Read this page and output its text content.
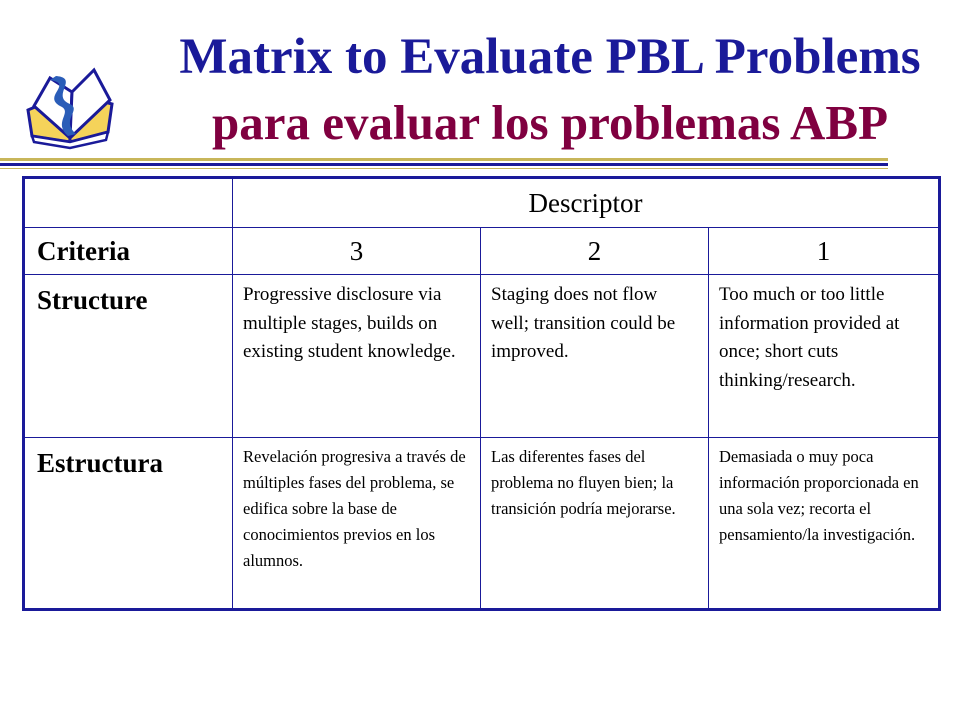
Matrix to Evaluate PBL Problems
para evaluar los problemas ABP
	Descriptor		
Criteria	3	2	1
Structure	Progressive disclosure via multiple stages, builds on existing student knowledge.	Staging does not flow well; transition could be improved.	Too much or too little information provided at once; short cuts thinking/research.
Estructura	Revelación progresiva a través de múltiples fases del problema, se edifica sobre la base de conocimientos previos en los alumnos.	Las diferentes fases del problema no fluyen bien; la transición podría mejorarse.	Demasiada o muy poca información proporcionada en una sola vez; recorta el pensamiento/la investigación.
